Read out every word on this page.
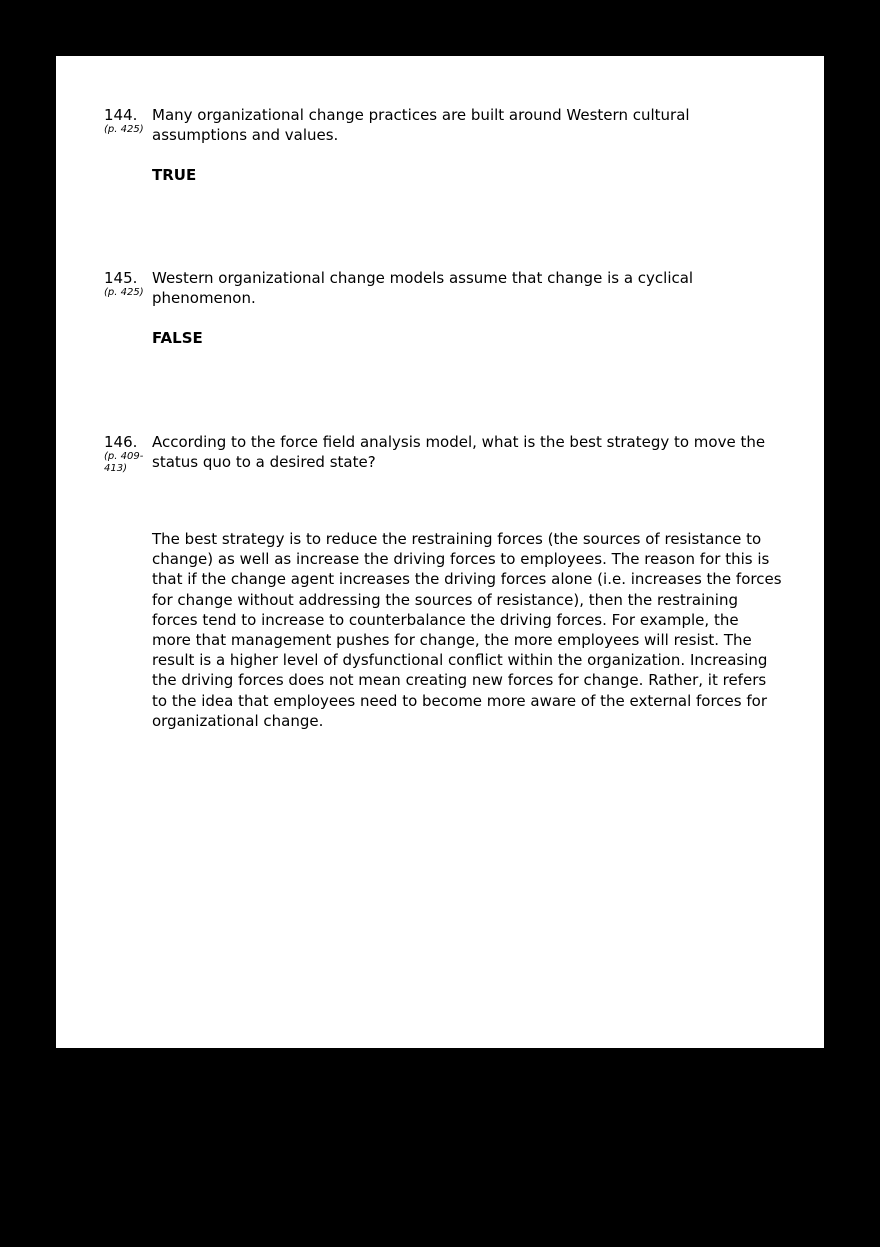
144.
(p. 425)
Many organizational change practices are built around Western cultural assumptions and values.
TRUE
145.
(p. 425)
Western organizational change models assume that change is a cyclical phenomenon.
FALSE
146.
(p. 409-413)
According to the force field analysis model, what is the best strategy to move the status quo to a desired state?
The best strategy is to reduce the restraining forces (the sources of resistance to change) as well as increase the driving forces to employees. The reason for this is that if the change agent increases the driving forces alone (i.e. increases the forces for change without addressing the sources of resistance), then the restraining forces tend to increase to counterbalance the driving forces. For example, the more that management pushes for change, the more employees will resist. The result is a higher level of dysfunctional conflict within the organization. Increasing the driving forces does not mean creating new forces for change. Rather, it refers to the idea that employees need to become more aware of the external forces for organizational change.
